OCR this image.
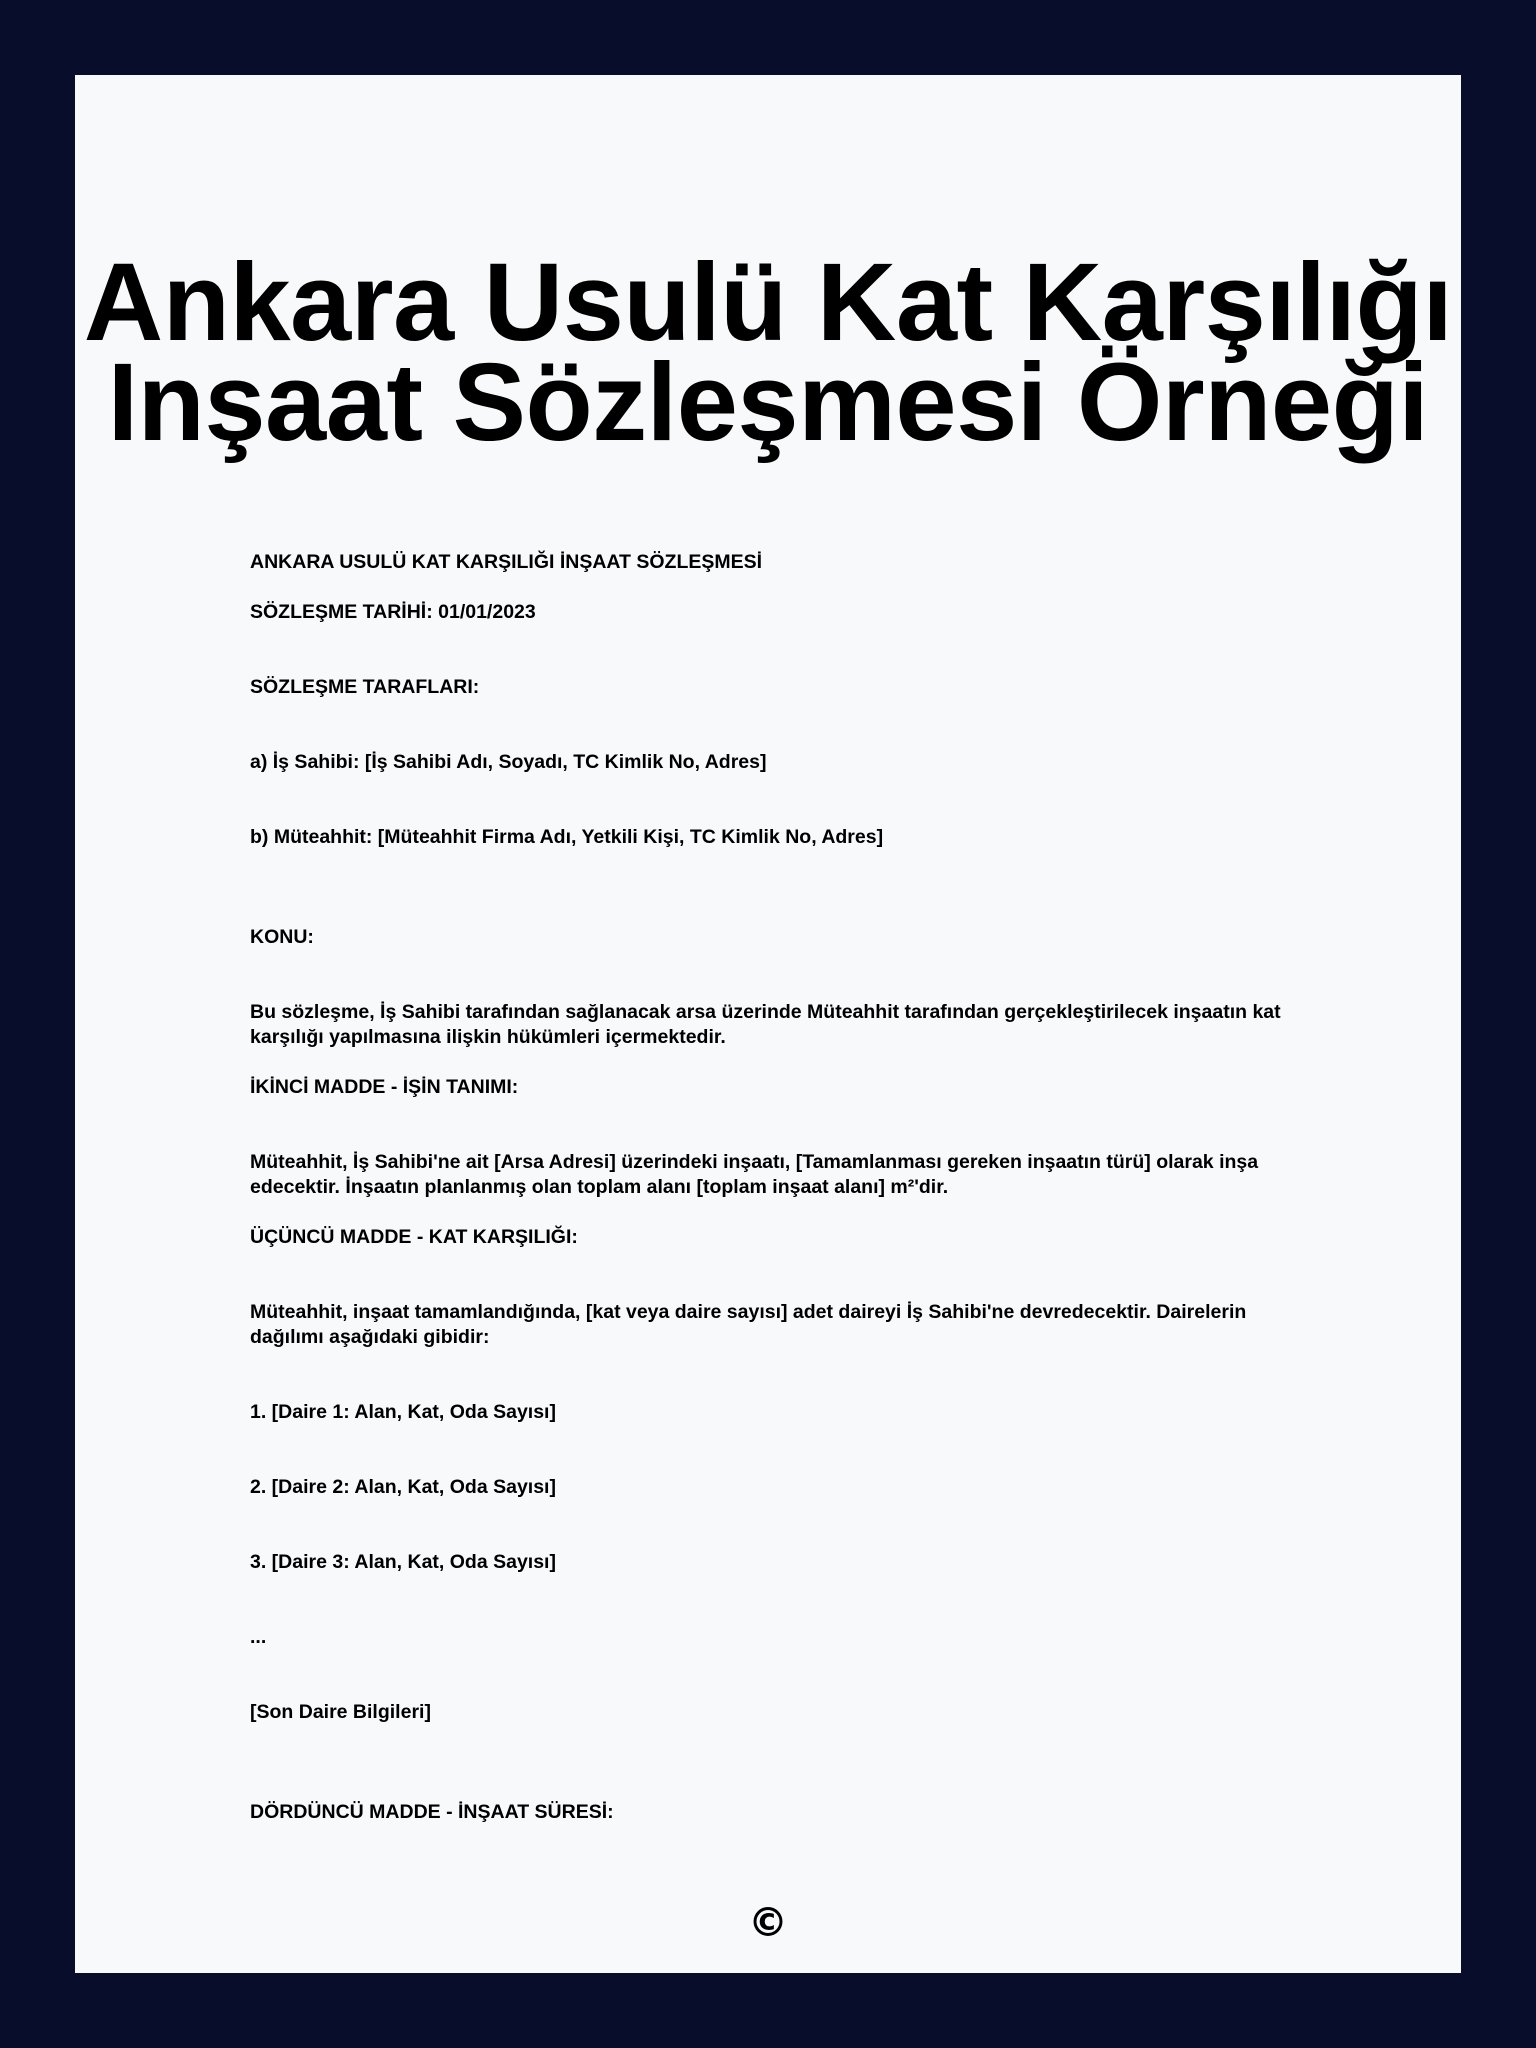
Ankara Usulü Kat Karşılığı
Inşaat Sözleşmesi Örneği

ANKARA USULÜ KAT KARŞILIĞI İNŞAAT SÖZLEŞMESİ

SÖZLEŞME TARİHİ: 01/01/2023

SÖZLEŞME TARAFLARI:

a) İş Sahibi: [İş Sahibi Adı, Soyadı, TC Kimlik No, Adres]

b) Müteahhit: [Müteahhit Firma Adı, Yetkili Kişi, TC Kimlik No, Adres]

KONU:

Bu sözleşme, İş Sahibi tarafından sağlanacak arsa üzerinde Müteahhit tarafından gerçekleştirilecek inşaatın kat karşılığı yapılmasına ilişkin hükümleri içermektedir.

İKİNCİ MADDE - İŞİN TANIMI:

Müteahhit, İş Sahibi'ne ait [Arsa Adresi] üzerindeki inşaatı, [Tamamlanması gereken inşaatın türü] olarak inşa edecektir. İnşaatın planlanmış olan toplam alanı [toplam inşaat alanı] m²'dir.

ÜÇÜNCÜ MADDE - KAT KARŞILIĞI:

Müteahhit, inşaat tamamlandığında, [kat veya daire sayısı] adet daireyi İş Sahibi'ne devredecektir. Dairelerin dağılımı aşağıdaki gibidir:

1. [Daire 1: Alan, Kat, Oda Sayısı]

2. [Daire 2: Alan, Kat, Oda Sayısı]

3. [Daire 3: Alan, Kat, Oda Sayısı]

...

[Son Daire Bilgileri]

DÖRDÜNCÜ MADDE - İNŞAAT SÜRESİ:

©
